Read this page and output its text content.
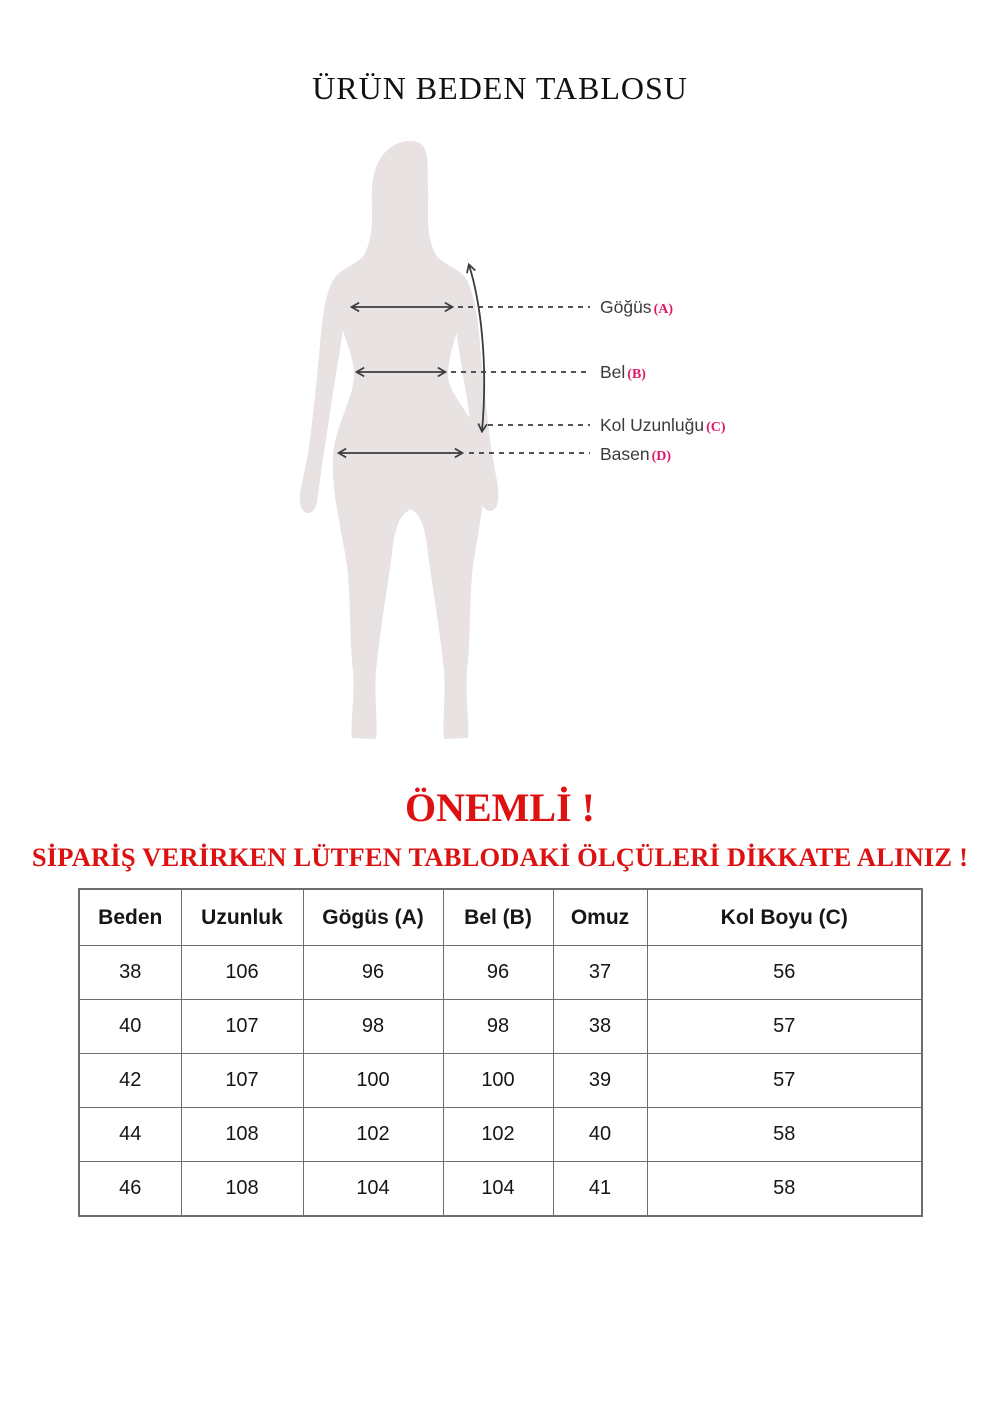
ÜRÜN BEDEN TABLOSU
Göğüs (A)
Bel (B)
Kol Uzunluğu (C)
Basen (D)
ÖNEMLİ !
SİPARİŞ VERİRKEN LÜTFEN TABLODAKİ ÖLÇÜLERİ DİKKATE ALINIZ !
Beden	Uzunluk	Gögüs (A)	Bel (B)	Omuz	Kol Boyu (C)
38	106	96	96	37	56
40	107	98	98	38	57
42	107	100	100	39	57
44	108	102	102	40	58
46	108	104	104	41	58
